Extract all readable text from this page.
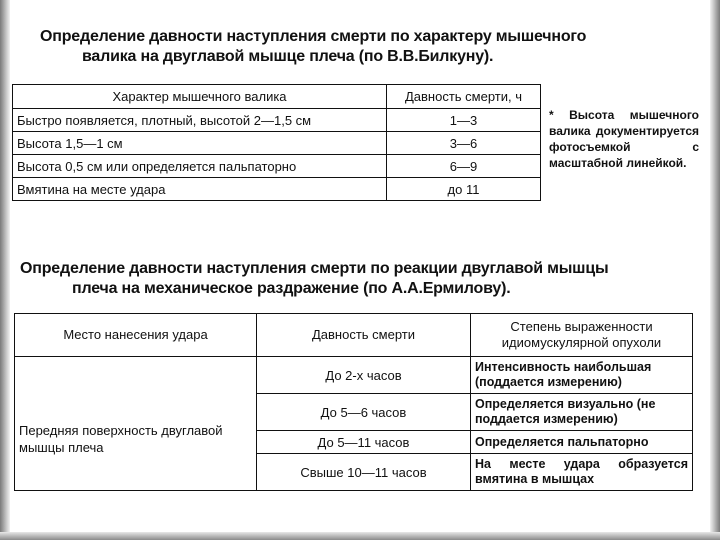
Определение давности наступления смерти по характеру мышечного
валика на двуглавой мышце плеча (по В.В.Билкуну).
Характер мышечного валика	Давность смерти, ч	* Высота мышечного валика документируется фотосъемкой с масштабной линейкой.
Быстро появляется, плотный, высотой 2—1,5 см	1—3	
Высота 1,5—1 см	3—6	
Высота 0,5 см или определяется пальпаторно	6—9	
Вмятина на месте удара	до 11	
Определение давности наступления смерти по реакции двуглавой мышцы
плеча на механическое раздражение (по А.А.Ермилову).
Место нанесения удара	Давность смерти	Степень выраженности идиомускулярной опухоли
Передняя поверхность двуглавой мышцы плеча	До 2-х часов	Интенсивность наибольшая (поддается измерению)
	До 5—6 часов	Определяется визуально (не поддается измерению)
	До 5—11 часов	Определяется пальпаторно
	Свыше 10—11 часов	На месте удара образуется вмятина в мышцах
